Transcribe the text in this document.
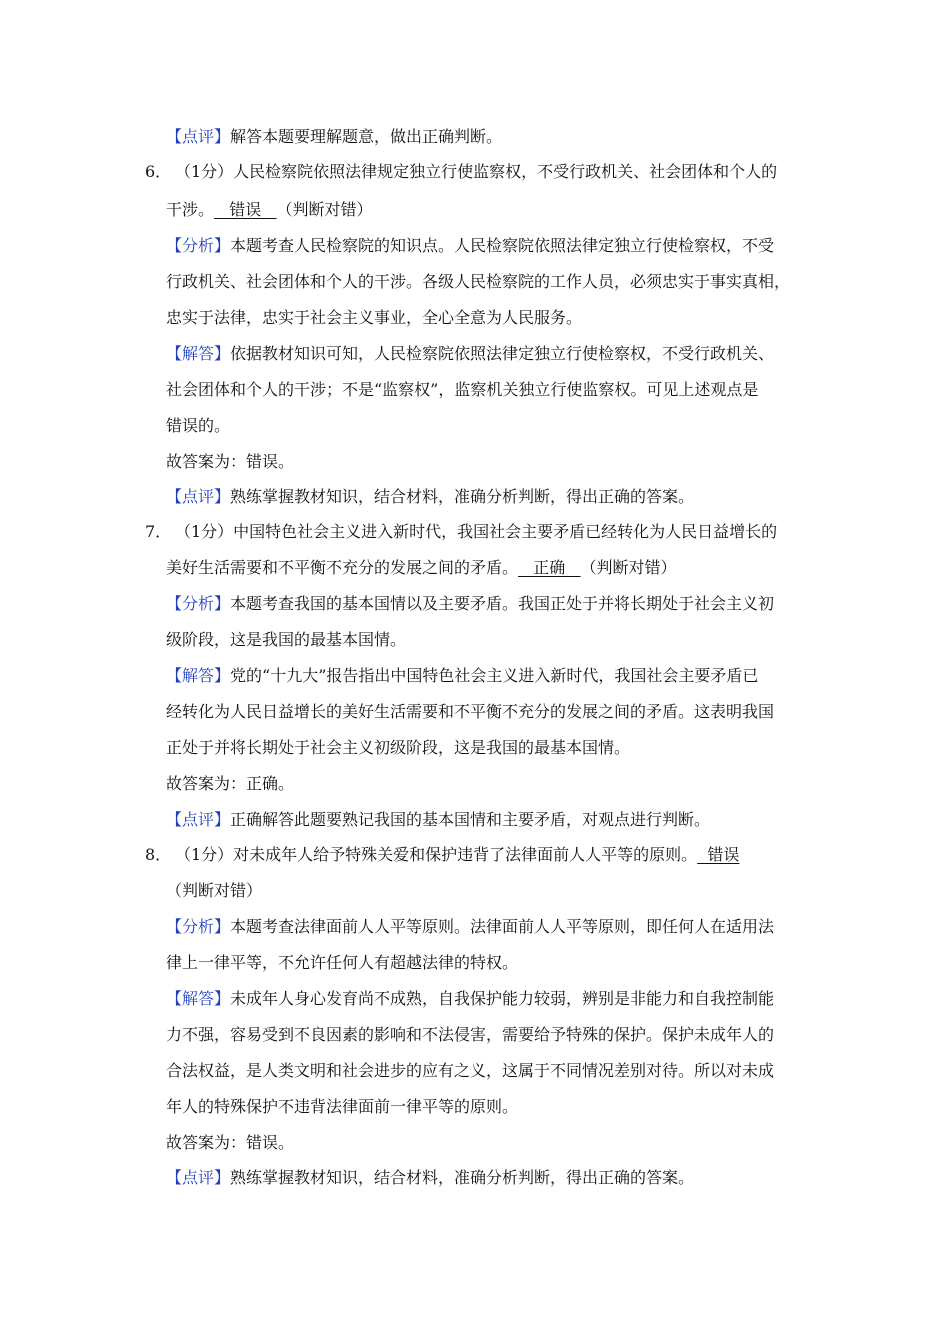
【点评】解答本题要理解题意，做出正确判断。
6． （1分）人民检察院依照法律规定独立行使监察权，不受行政机关、社会团体和个人的
干涉。   错误   （判断对错）
【分析】本题考查人民检察院的知识点。人民检察院依照法律定独立行使检察权，不受
行政机关、社会团体和个人的干涉。各级人民检察院的工作人员，必须忠实于事实真相，
忠实于法律，忠实于社会主义事业，全心全意为人民服务。
【解答】依据教材知识可知，人民检察院依照法律定独立行使检察权，不受行政机关、
社会团体和个人的干涉；不是“监察权”，监察机关独立行使监察权。可见上述观点是
错误的。
故答案为：错误。
【点评】熟练掌握教材知识，结合材料，准确分析判断，得出正确的答案。
7． （1分）中国特色社会主义进入新时代，我国社会主要矛盾已经转化为人民日益增长的
美好生活需要和不平衡不充分的发展之间的矛盾。   正确   （判断对错）
【分析】本题考查我国的基本国情以及主要矛盾。我国正处于并将长期处于社会主义初
级阶段，这是我国的最基本国情。
【解答】党的“十九大”报告指出中国特色社会主义进入新时代，我国社会主要矛盾已
经转化为人民日益增长的美好生活需要和不平衡不充分的发展之间的矛盾。这表明我国
正处于并将长期处于社会主义初级阶段，这是我国的最基本国情。
故答案为：正确。
【点评】正确解答此题要熟记我国的基本国情和主要矛盾，对观点进行判断。
8． （1分）对未成年人给予特殊关爱和保护违背了法律面前人人平等的原则。  错误
（判断对错）
【分析】本题考查法律面前人人平等原则。法律面前人人平等原则，即任何人在适用法
律上一律平等，不允许任何人有超越法律的特权。
【解答】未成年人身心发育尚不成熟，自我保护能力较弱，辨别是非能力和自我控制能
力不强，容易受到不良因素的影响和不法侵害，需要给予特殊的保护。保护未成年人的
合法权益，是人类文明和社会进步的应有之义，这属于不同情况差别对待。所以对未成
年人的特殊保护不违背法律面前一律平等的原则。
故答案为：错误。
【点评】熟练掌握教材知识，结合材料，准确分析判断，得出正确的答案。
